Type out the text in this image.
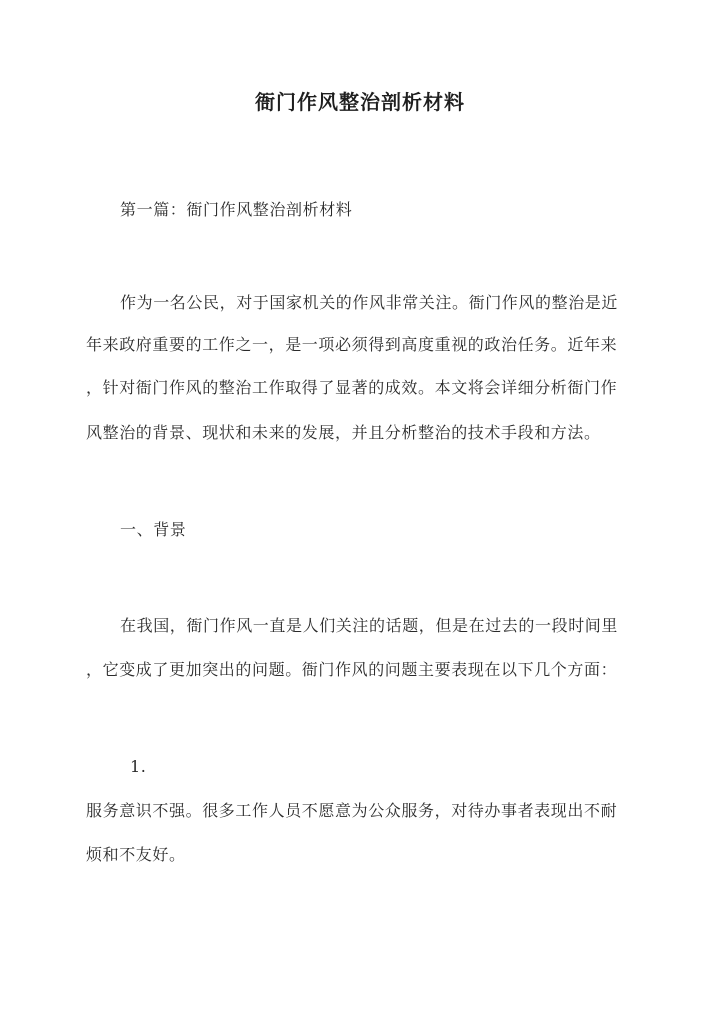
衙门作风整治剖析材料
第一篇：衙门作风整治剖析材料
作为一名公民，对于国家机关的作风非常关注。衙门作风的整治是近
年来政府重要的工作之一，是一项必须得到高度重视的政治任务。近年来
，针对衙门作风的整治工作取得了显著的成效。本文将会详细分析衙门作
风整治的背景、现状和未来的发展，并且分析整治的技术手段和方法。
一、背景
在我国，衙门作风一直是人们关注的话题，但是在过去的一段时间里
，它变成了更加突出的问题。衙门作风的问题主要表现在以下几个方面：
1.
服务意识不强。很多工作人员不愿意为公众服务，对待办事者表现出不耐
烦和不友好。
